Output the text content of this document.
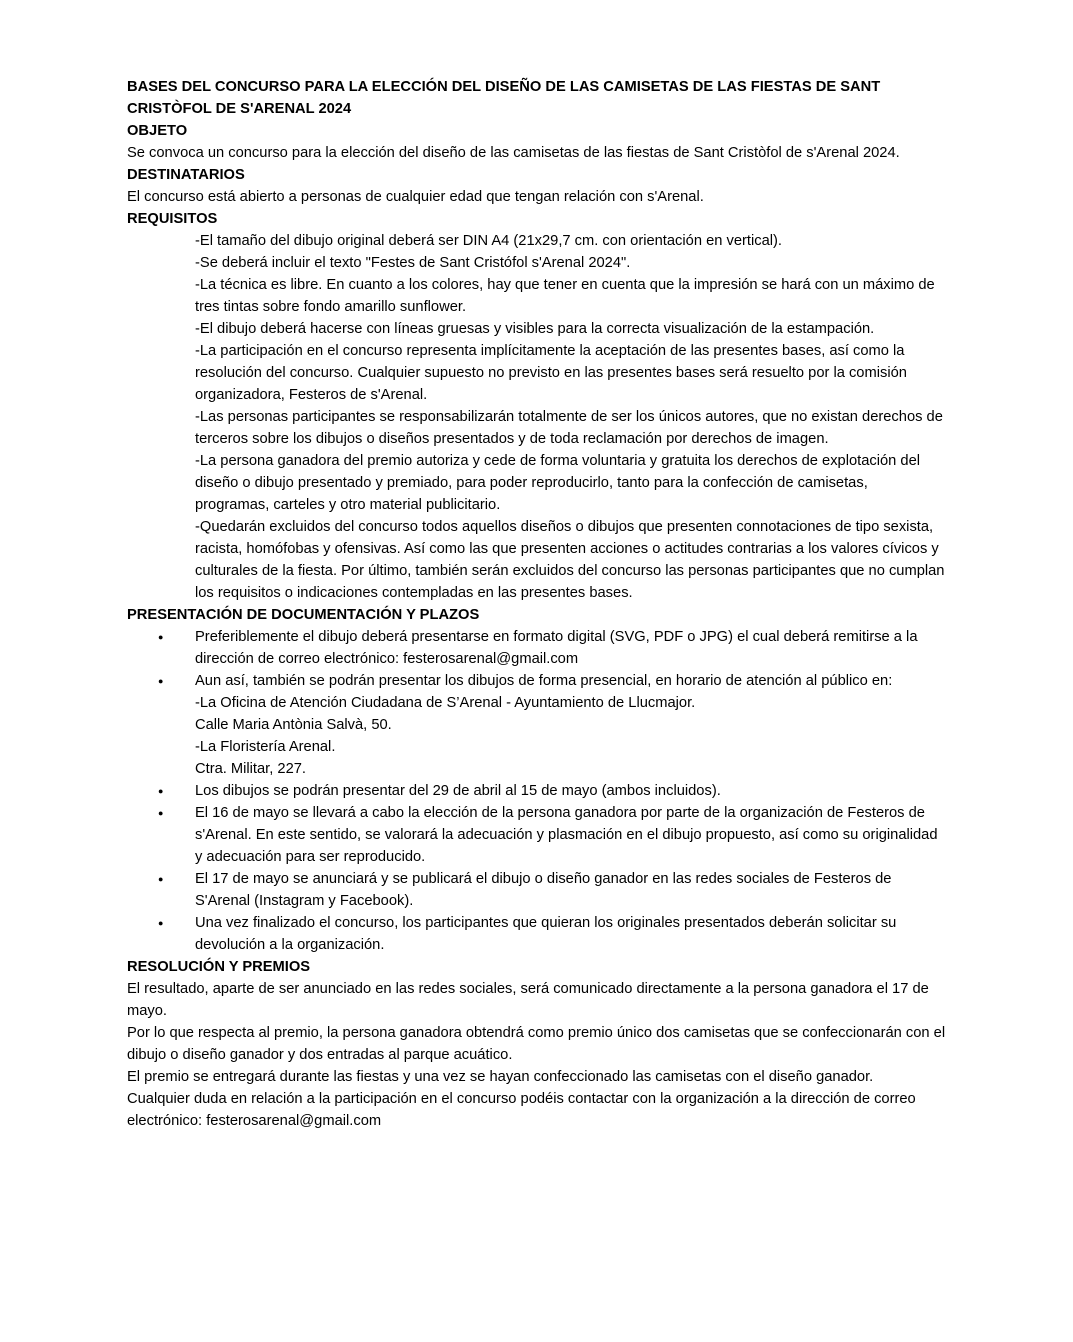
BASES DEL CONCURSO PARA LA ELECCIÓN DEL DISEÑO DE LAS CAMISETAS DE LAS FIESTAS DE SANT CRISTÒFOL DE S'ARENAL 2024
OBJETO
Se convoca un concurso para la elección del diseño de las camisetas de las fiestas de Sant Cristòfol de s'Arenal 2024.
DESTINATARIOS
El concurso está abierto a personas de cualquier edad que tengan relación con s'Arenal.
REQUISITOS
-El tamaño del dibujo original deberá ser DIN A4 (21x29,7 cm. con orientación en vertical).
-Se deberá incluir el texto "Festes de Sant Cristófol s'Arenal 2024".
-La técnica es libre. En cuanto a los colores, hay que tener en cuenta que la impresión se hará con un máximo de tres tintas sobre fondo amarillo sunflower.
-El dibujo deberá hacerse con líneas gruesas y visibles para la correcta visualización de la estampación.
-La participación en el concurso representa implícitamente la aceptación de las presentes bases, así como la resolución del concurso. Cualquier supuesto no previsto en las presentes bases será resuelto por la comisión organizadora, Festeros de s'Arenal.
-Las personas participantes se responsabilizarán totalmente de ser los únicos autores, que no existan derechos de terceros sobre los dibujos o diseños presentados y de toda reclamación por derechos de imagen.
-La persona ganadora del premio autoriza y cede de forma voluntaria y gratuita los derechos de explotación del diseño o dibujo presentado y premiado, para poder reproducirlo, tanto para la confección de camisetas, programas, carteles y otro material publicitario.
-Quedarán excluidos del concurso todos aquellos diseños o dibujos que presenten connotaciones de tipo sexista, racista, homófobas y ofensivas. Así como las que presenten acciones o actitudes contrarias a los valores cívicos y culturales de la fiesta. Por último, también serán excluidos del concurso las personas participantes que no cumplan los requisitos o indicaciones contempladas en las presentes bases.
PRESENTACIÓN DE DOCUMENTACIÓN Y PLAZOS
● Preferiblemente el dibujo deberá presentarse en formato digital (SVG, PDF o JPG) el cual deberá remitirse a la dirección de correo electrónico: festerosarenal@gmail.com
● Aun así, también se podrán presentar los dibujos de forma presencial, en horario de atención al público en:
-La Oficina de Atención Ciudadana de S’Arenal - Ayuntamiento de Llucmajor.
Calle Maria Antònia Salvà, 50.
-La Floristería Arenal.
Ctra. Militar, 227.
● Los dibujos se podrán presentar del 29 de abril al 15 de mayo (ambos incluidos).
● El 16 de mayo se llevará a cabo la elección de la persona ganadora por parte de la organización de Festeros de s'Arenal. En este sentido, se valorará la adecuación y plasmación en el dibujo propuesto, así como su originalidad y adecuación para ser reproducido.
● El 17 de mayo se anunciará y se publicará el dibujo o diseño ganador en las redes sociales de Festeros de S'Arenal (Instagram y Facebook).
● Una vez finalizado el concurso, los participantes que quieran los originales presentados deberán solicitar su devolución a la organización.
RESOLUCIÓN Y PREMIOS
El resultado, aparte de ser anunciado en las redes sociales, será comunicado directamente a la persona ganadora el 17 de mayo.
Por lo que respecta al premio, la persona ganadora obtendrá como premio único dos camisetas que se confeccionarán con el dibujo o diseño ganador y dos entradas al parque acuático.
El premio se entregará durante las fiestas y una vez se hayan confeccionado las camisetas con el diseño ganador.
Cualquier duda en relación a la participación en el concurso podéis contactar con la organización a la dirección de correo electrónico: festerosarenal@gmail.com
